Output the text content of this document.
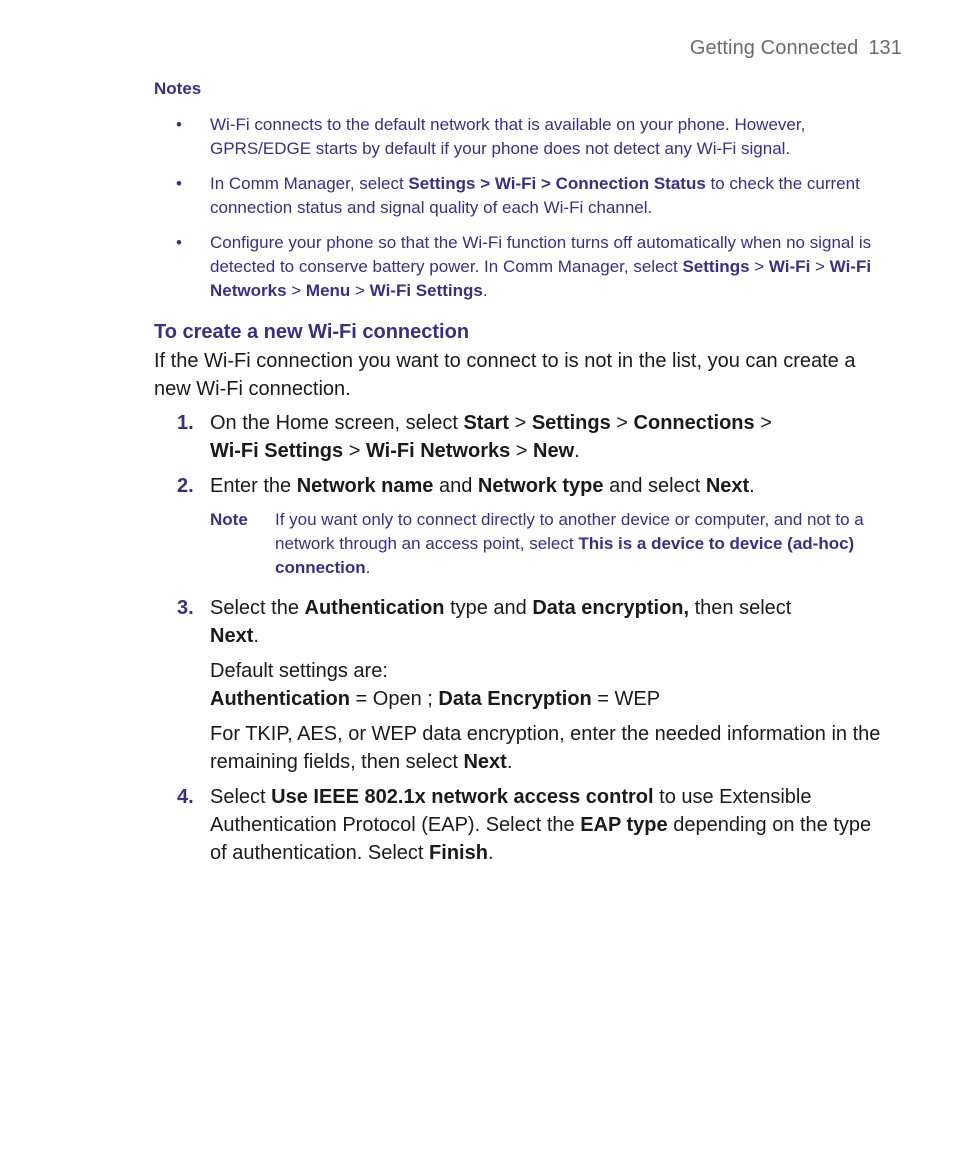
Getting Connected 131
Notes
• Wi-Fi connects to the default network that is available on your phone. However, GPRS/EDGE starts by default if your phone does not detect any Wi-Fi signal.
• In Comm Manager, select Settings > Wi-Fi > Connection Status to check the current connection status and signal quality of each Wi-Fi channel.
• Configure your phone so that the Wi-Fi function turns off automatically when no signal is detected to conserve battery power. In Comm Manager, select Settings > Wi-Fi > Wi-Fi Networks > Menu > Wi-Fi Settings.
To create a new Wi-Fi connection

If the Wi-Fi connection you want to connect to is not in the list, you can create a new Wi-Fi connection.

1. On the Home screen, select Start > Settings > Connections >
Wi-Fi Settings > Wi-Fi Networks > New.

2. Enter the Network name and Network type and select Next.

Note If you want only to connect directly to another device or computer, and not to a network through an access point, select This is a device to device (ad-hoc) connection.
3. Select the Authentication type and Data encryption, then select
Next.

Default settings are:
Authentication = Open ; Data Encryption = WEP

For TKIP, AES, or WEP data encryption, enter the needed information in the remaining fields, then select Next.

4. Select Use IEEE 802.1x network access control to use Extensible Authentication Protocol (EAP). Select the EAP type depending on the type of authentication. Select Finish.
